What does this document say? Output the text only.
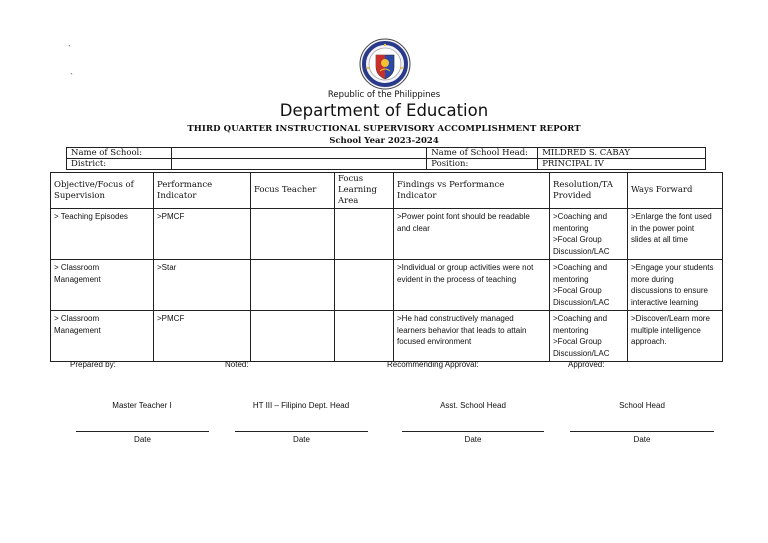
`
`
Republic of the Philippines
Department of Education
THIRD QUARTER INSTRUCTIONAL SUPERVISORY ACCOMPLISHMENT REPORT
School Year 2023-2024
Name of School:		Name of School Head:	MILDRED S. CABAY
District:		Position:	PRINCIPAL IV
Objective/Focus of
Supervision	Performance
Indicator	Focus Teacher	Focus
Learning
Area	Findings vs Performance
Indicator	Resolution/TA
Provided	Ways Forward

> Teaching Episodes	>PMCF			>Power point font should be readable
and clear	>Coaching and
mentoring
>Focal Group
Discussion/LAC	>Enlarge the font used
in the power point
slides at all time

> Classroom
Management	>Star			>Individual or group activities were not
evident in the process of teaching	>Coaching and
mentoring
>Focal Group
Discussion/LAC	>Engage your students
more during
discussions to ensure
interactive learning

> Classroom
Management	>PMCF			>He had constructively managed
learners behavior that leads to attain
focused environment	>Coaching and
mentoring
>Focal Group
Discussion/LAC	>Discover/Learn more
multiple intelligence
approach.
Prepared by:	Noted:	Recommending Approval:	Approved:
Master Teacher I	HT III – Filipino Dept. Head	Asst. School Head	School Head
Date	Date	Date	Date
